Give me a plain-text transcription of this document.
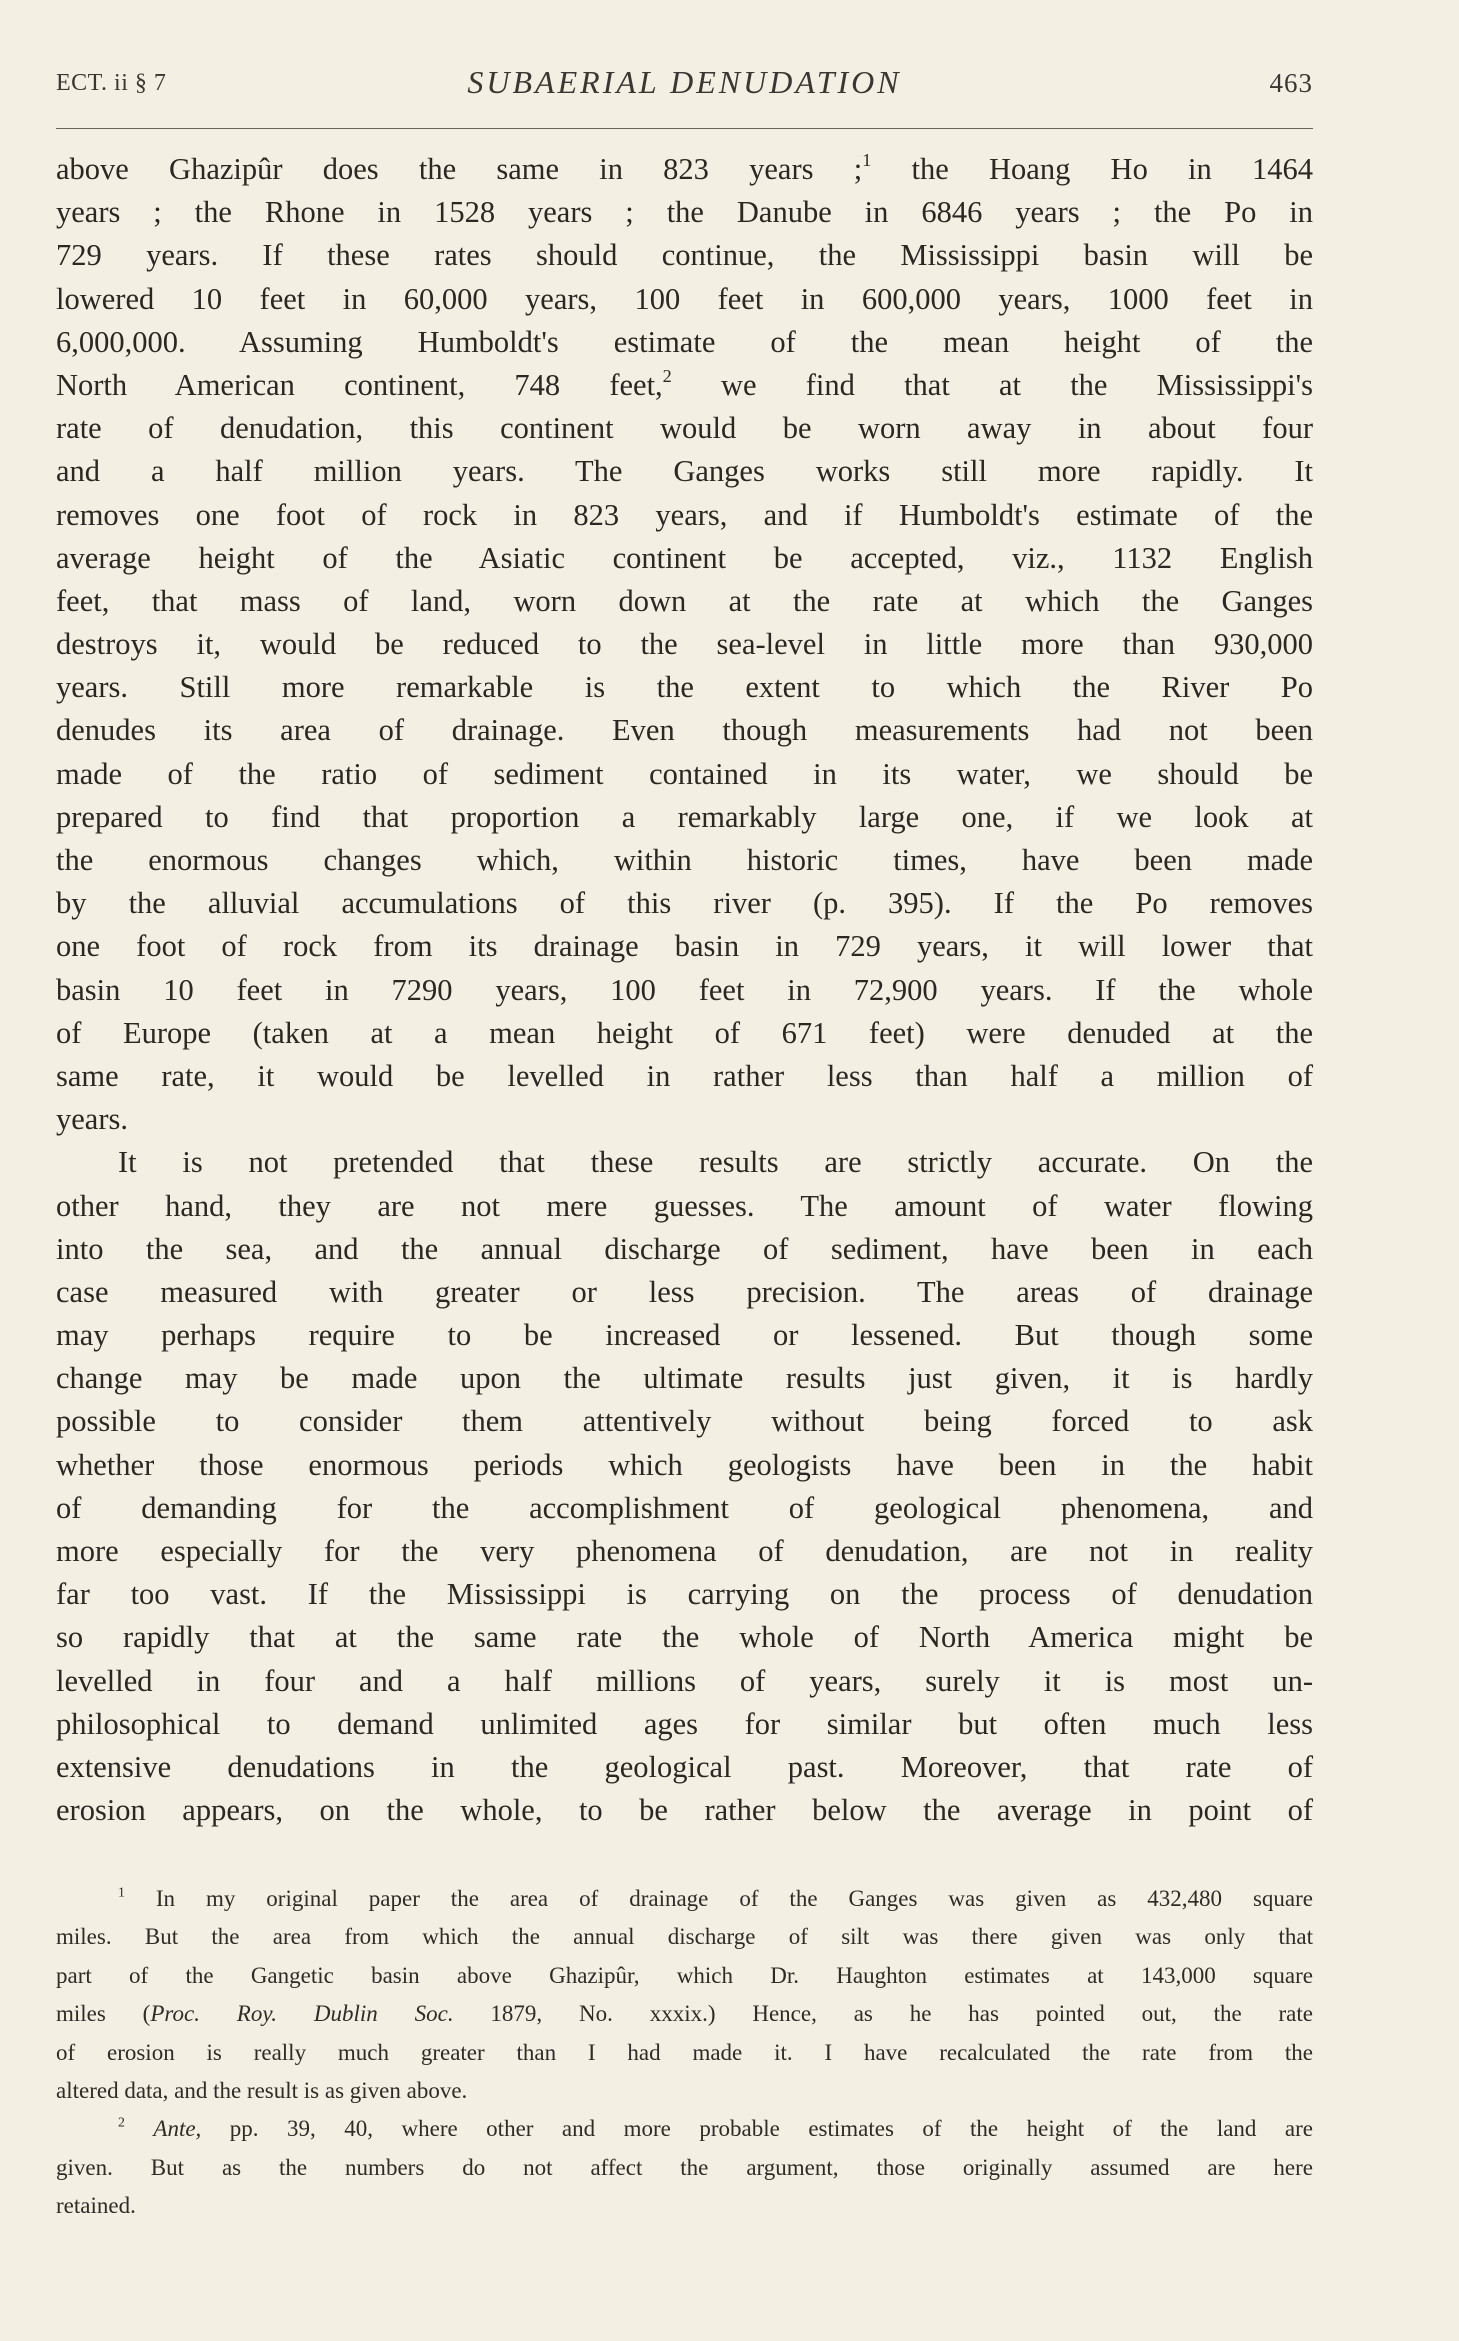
ECT. ii § 7	SUBAERIAL DENUDATION	463
above Ghazipûr does the same in 823 years ;$^1$ the Hoang Ho in 1464
years ; the Rhone in 1528 years ; the Danube in 6846 years ; the Po in
729 years. If these rates should continue, the Mississippi basin will be
lowered 10 feet in 60,000 years, 100 feet in 600,000 years, 1000 feet in
6,000,000. Assuming Humboldt's estimate of the mean height of the
North American continent, 748 feet,$^2$ we find that at the Mississippi's
rate of denudation, this continent would be worn away in about four
and a half million years. The Ganges works still more rapidly. It
removes one foot of rock in 823 years, and if Humboldt's estimate of the
average height of the Asiatic continent be accepted, viz., 1132 English
feet, that mass of land, worn down at the rate at which the Ganges
destroys it, would be reduced to the sea-level in little more than 930,000
years. Still more remarkable is the extent to which the River Po
denudes its area of drainage. Even though measurements had not been
made of the ratio of sediment contained in its water, we should be
prepared to find that proportion a remarkably large one, if we look at
the enormous changes which, within historic times, have been made
by the alluvial accumulations of this river (p. 395). If the Po removes
one foot of rock from its drainage basin in 729 years, it will lower that
basin 10 feet in 7290 years, 100 feet in 72,900 years. If the whole
of Europe (taken at a mean height of 671 feet) were denuded at the
same rate, it would be levelled in rather less than half a million of
years.
It is not pretended that these results are strictly accurate. On the
other hand, they are not mere guesses. The amount of water flowing
into the sea, and the annual discharge of sediment, have been in each
case measured with greater or less precision. The areas of drainage
may perhaps require to be increased or lessened. But though some
change may be made upon the ultimate results just given, it is hardly
possible to consider them attentively without being forced to ask
whether those enormous periods which geologists have been in the habit
of demanding for the accomplishment of geological phenomena, and
more especially for the very phenomena of denudation, are not in reality
far too vast. If the Mississippi is carrying on the process of denudation
so rapidly that at the same rate the whole of North America might be
levelled in four and a half millions of years, surely it is most un-
philosophical to demand unlimited ages for similar but often much less
extensive denudations in the geological past. Moreover, that rate of
erosion appears, on the whole, to be rather below the average in point of
$^1$ In my original paper the area of drainage of the Ganges was given as 432,480 square
miles. But the area from which the annual discharge of silt was there given was only that
part of the Gangetic basin above Ghazipûr, which Dr. Haughton estimates at 143,000 square
miles (Proc. Roy. Dublin Soc. 1879, No. xxxix.) Hence, as he has pointed out, the rate
of erosion is really much greater than I had made it. I have recalculated the rate from the
altered data, and the result is as given above.
$^2$ Ante, pp. 39, 40, where other and more probable estimates of the height of the land are
given. But as the numbers do not affect the argument, those originally assumed are here
retained.
